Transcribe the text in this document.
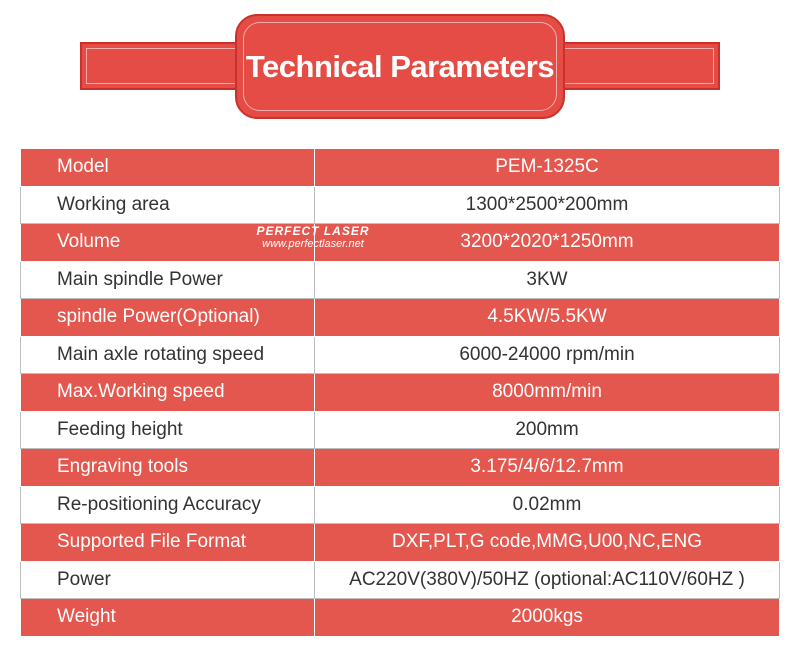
Technical Parameters
Model	PEM-1325C
Working area	1300*2500*200mm
Volume	3200*2020*1250mm
Main spindle Power	3KW
spindle Power(Optional)	4.5KW/5.5KW
Main axle rotating speed	6000-24000 rpm/min
Max.Working speed	8000mm/min
Feeding height	200mm
Engraving tools	3.175/4/6/12.7mm
Re-positioning Accuracy	0.02mm
Supported File Format	DXF,PLT,G code,MMG,U00,NC,ENG
Power	AC220V(380V)/50HZ (optional:AC110V/60HZ )
Weight	2000kgs
PERFECT LASER
www.perfectlaser.net
